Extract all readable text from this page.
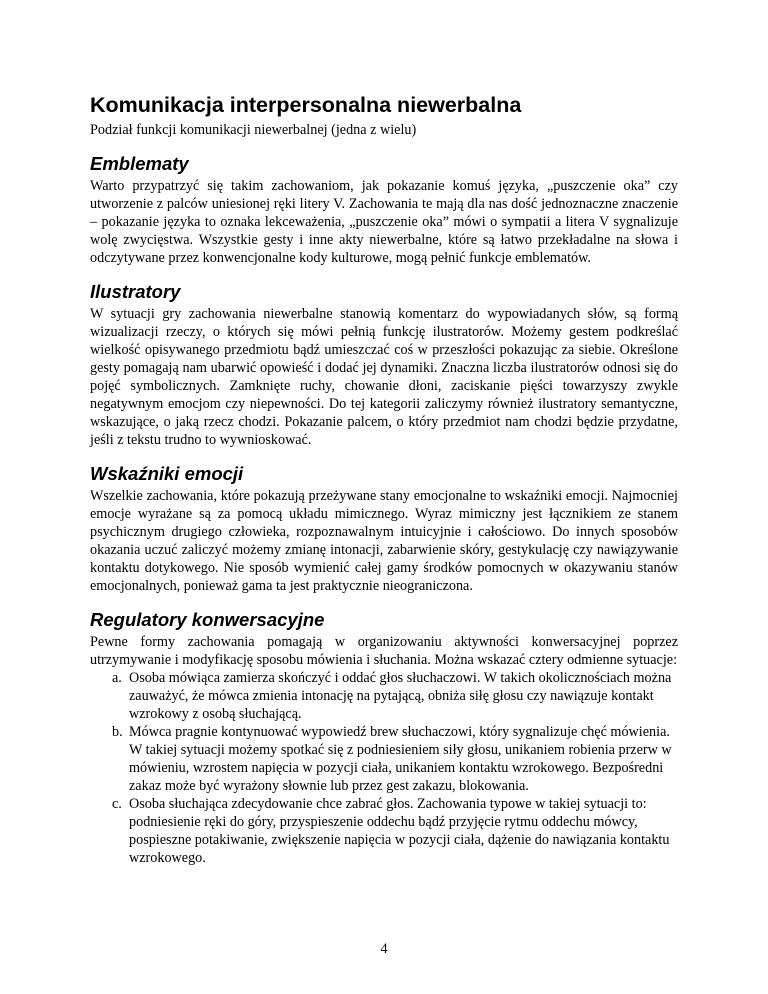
Komunikacja interpersonalna niewerbalna

Podział funkcji komunikacji niewerbalnej (jedna z wielu)

Emblematy

Warto przypatrzyć się takim zachowaniom, jak pokazanie komuś języka, „puszczenie oka” czy utworzenie z palców uniesionej ręki litery V. Zachowania te mają dla nas dość jednoznaczne znaczenie – pokazanie języka to oznaka lekceważenia, „puszczenie oka” mówi o sympatii a litera V sygnalizuje wolę zwycięstwa. Wszystkie gesty i inne akty niewerbalne, które są łatwo przekładalne na słowa i odczytywane przez konwencjonalne kody kulturowe, mogą pełnić funkcje emblematów.

Ilustratory

W sytuacji gry zachowania niewerbalne stanowią komentarz do wypowiadanych słów, są formą wizualizacji rzeczy, o których się mówi pełnią funkcję ilustratorów. Możemy gestem podkreślać wielkość opisywanego przedmiotu bądź umieszczać coś w przeszłości pokazując za siebie. Określone gesty pomagają nam ubarwić opowieść i dodać jej dynamiki. Znaczna liczba ilustratorów odnosi się do pojęć symbolicznych. Zamknięte ruchy, chowanie dłoni, zaciskanie pięści towarzyszy zwykle negatywnym emocjom czy niepewności. Do tej kategorii zaliczymy również ilustratory semantyczne, wskazujące, o jaką rzecz chodzi. Pokazanie palcem, o który przedmiot nam chodzi będzie przydatne, jeśli z tekstu trudno to wywnioskować.

Wskaźniki emocji

Wszelkie zachowania, które pokazują przeżywane stany emocjonalne to wskaźniki emocji. Najmocniej emocje wyrażane są za pomocą układu mimicznego. Wyraz mimiczny jest łącznikiem ze stanem psychicznym drugiego człowieka, rozpoznawalnym intuicyjnie i całościowo. Do innych sposobów okazania uczuć zaliczyć możemy zmianę intonacji, zabarwienie skóry, gestykulację czy nawiązywanie kontaktu dotykowego. Nie sposób wymienić całej gamy środków pomocnych w okazywaniu stanów emocjonalnych, ponieważ gama ta jest praktycznie nieograniczona.

Regulatory konwersacyjne

Pewne formy zachowania pomagają w organizowaniu aktywności konwersacyjnej poprzez utrzymywanie i modyfikację sposobu mówienia i słuchania. Można wskazać cztery odmienne sytuacje:

a. Osoba mówiąca zamierza skończyć i oddać głos słuchaczowi. W takich okolicznościach można zauważyć, że mówca zmienia intonację na pytającą, obniża siłę głosu czy nawiązuje kontakt wzrokowy z osobą słuchającą.
b. Mówca pragnie kontynuować wypowiedź brew słuchaczowi, który sygnalizuje chęć mówienia. W takiej sytuacji możemy spotkać się z podniesieniem siły głosu, unikaniem robienia przerw w mówieniu, wzrostem napięcia w pozycji ciała, unikaniem kontaktu wzrokowego. Bezpośredni zakaz może być wyrażony słownie lub przez gest zakazu, blokowania.
c. Osoba słuchająca zdecydowanie chce zabrać głos. Zachowania typowe w takiej sytuacji to: podniesienie ręki do góry, przyspieszenie oddechu bądź przyjęcie rytmu oddechu mówcy, pospieszne potakiwanie, zwiększenie napięcia w pozycji ciała, dążenie do nawiązania kontaktu wzrokowego.
4
